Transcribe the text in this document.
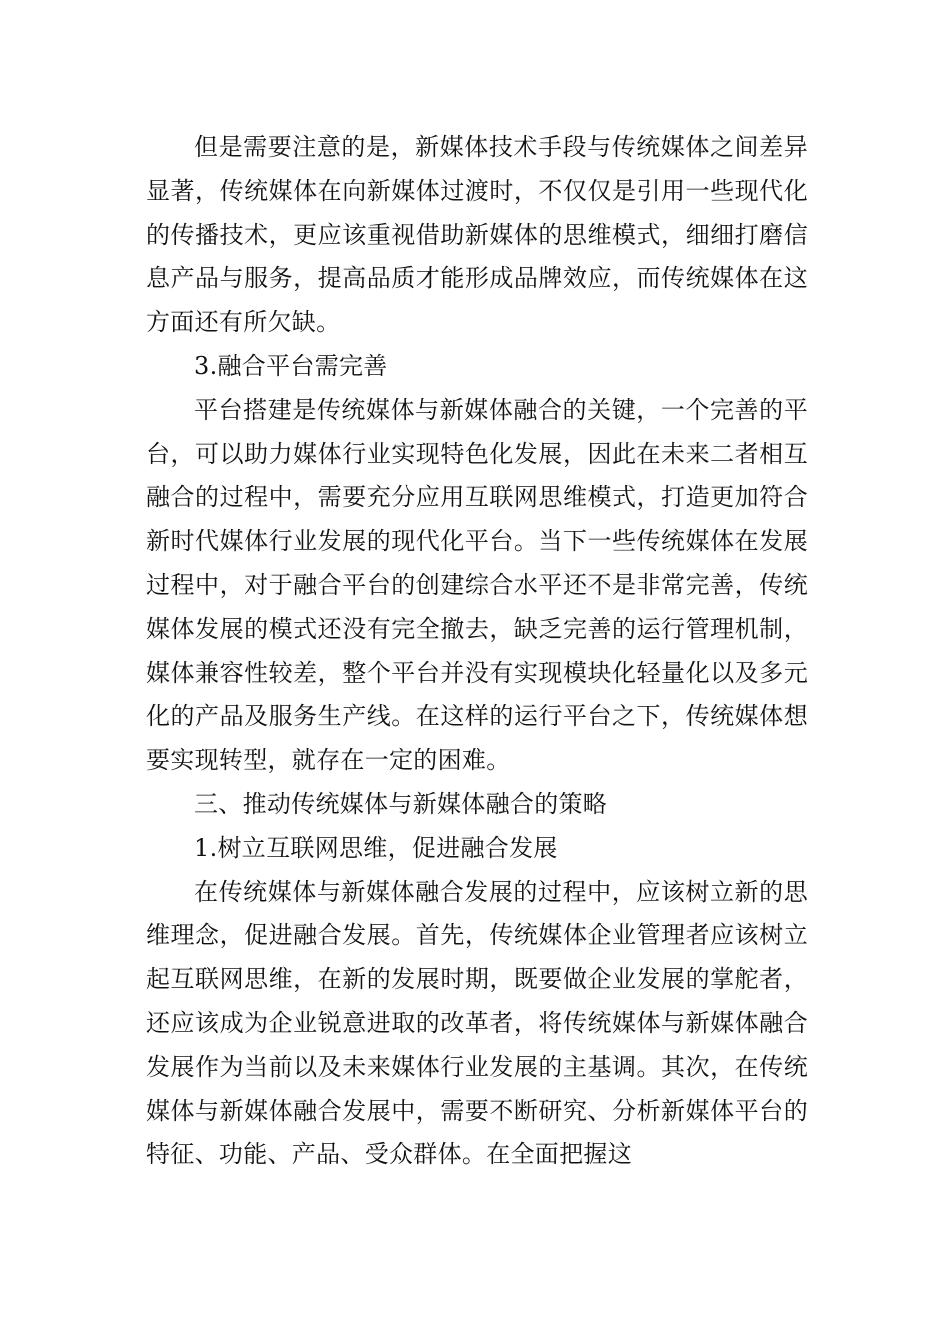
但是需要注意的是，新媒体技术手段与传统媒体之间差异显著，传统媒体在向新媒体过渡时，不仅仅是引用一些现代化的传播技术，更应该重视借助新媒体的思维模式，细细打磨信息产品与服务，提高品质才能形成品牌效应，而传统媒体在这方面还有所欠缺。

3.融合平台需完善

平台搭建是传统媒体与新媒体融合的关键，一个完善的平台，可以助力媒体行业实现特色化发展，因此在未来二者相互融合的过程中，需要充分应用互联网思维模式，打造更加符合新时代媒体行业发展的现代化平台。当下一些传统媒体在发展过程中，对于融合平台的创建综合水平还不是非常完善，传统媒体发展的模式还没有完全撤去，缺乏完善的运行管理机制，媒体兼容性较差，整个平台并没有实现模块化轻量化以及多元化的产品及服务生产线。在这样的运行平台之下，传统媒体想要实现转型，就存在一定的困难。

三、推动传统媒体与新媒体融合的策略

1.树立互联网思维，促进融合发展

在传统媒体与新媒体融合发展的过程中，应该树立新的思维理念，促进融合发展。首先，传统媒体企业管理者应该树立起互联网思维，在新的发展时期，既要做企业发展的掌舵者，还应该成为企业锐意进取的改革者，将传统媒体与新媒体融合发展作为当前以及未来媒体行业发展的主基调。其次，在传统媒体与新媒体融合发展中，需要不断研究、分析新媒体平台的特征、功能、产品、受众群体。在全面把握这
